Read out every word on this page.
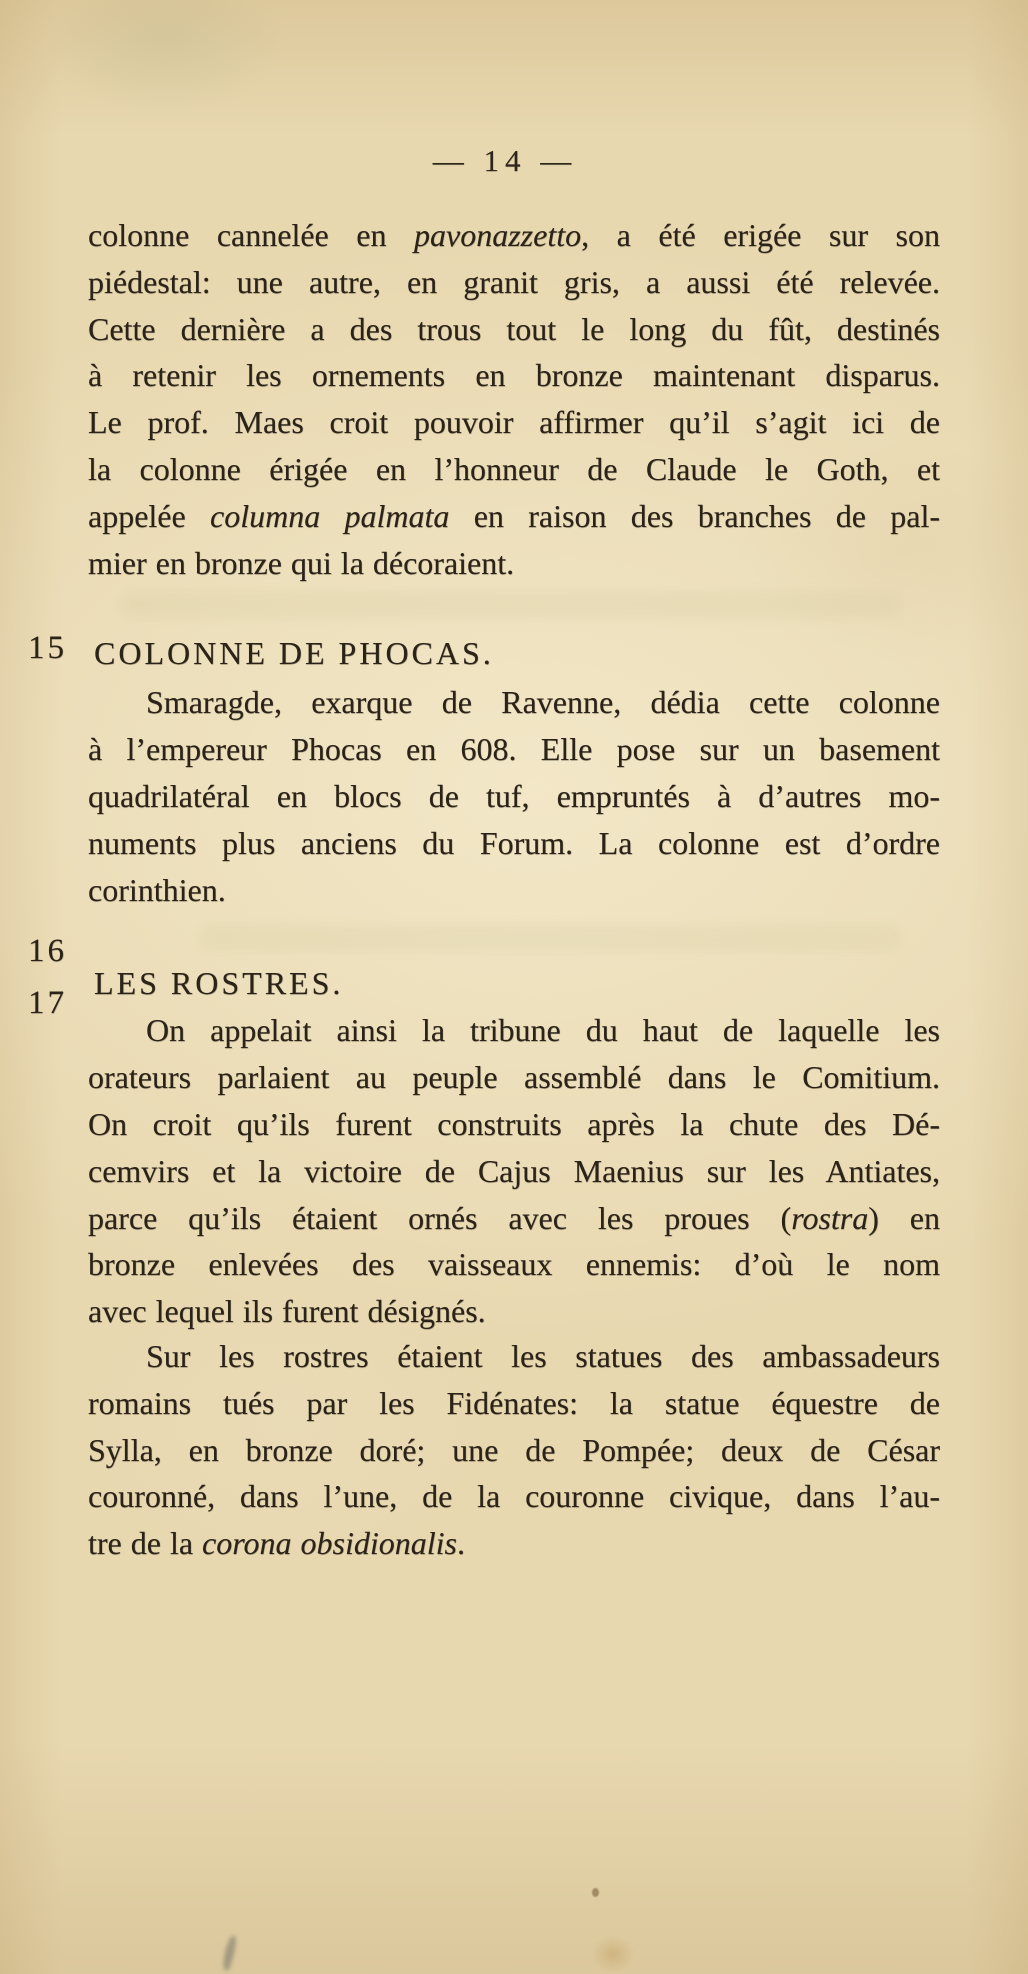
— 14 —
15
16
17
colonne cannelée en pavonazzetto, a été erigée sur son
piédestal: une autre, en granit gris, a aussi été relevée.
Cette dernière a des trous tout le long du fût, destinés
à retenir les ornements en bronze maintenant disparus.
Le prof. Maes croit pouvoir affirmer qu’il s’agit ici de
la colonne érigée en l’honneur de Claude le Goth, et
appelée columna palmata en raison des branches de pal-
mier en bronze qui la décoraient.
COLONNE DE PHOCAS.
Smaragde, exarque de Ravenne, dédia cette colonne
à l’empereur Phocas en 608. Elle pose sur un basement
quadrilatéral en blocs de tuf, empruntés à d’autres mo-
numents plus anciens du Forum. La colonne est d’ordre
corinthien.
LES ROSTRES.
On appelait ainsi la tribune du haut de laquelle les
orateurs parlaient au peuple assemblé dans le Comitium.
On croit qu’ils furent construits après la chute des Dé-
cemvirs et la victoire de Cajus Maenius sur les Antiates,
parce qu’ils étaient ornés avec les proues (rostra) en
bronze enlevées des vaisseaux ennemis: d’où le nom
avec lequel ils furent désignés.
Sur les rostres étaient les statues des ambassadeurs
romains tués par les Fidénates: la statue équestre de
Sylla, en bronze doré; une de Pompée; deux de César
couronné, dans l’une, de la couronne civique, dans l’au-
tre de la corona obsidionalis.
